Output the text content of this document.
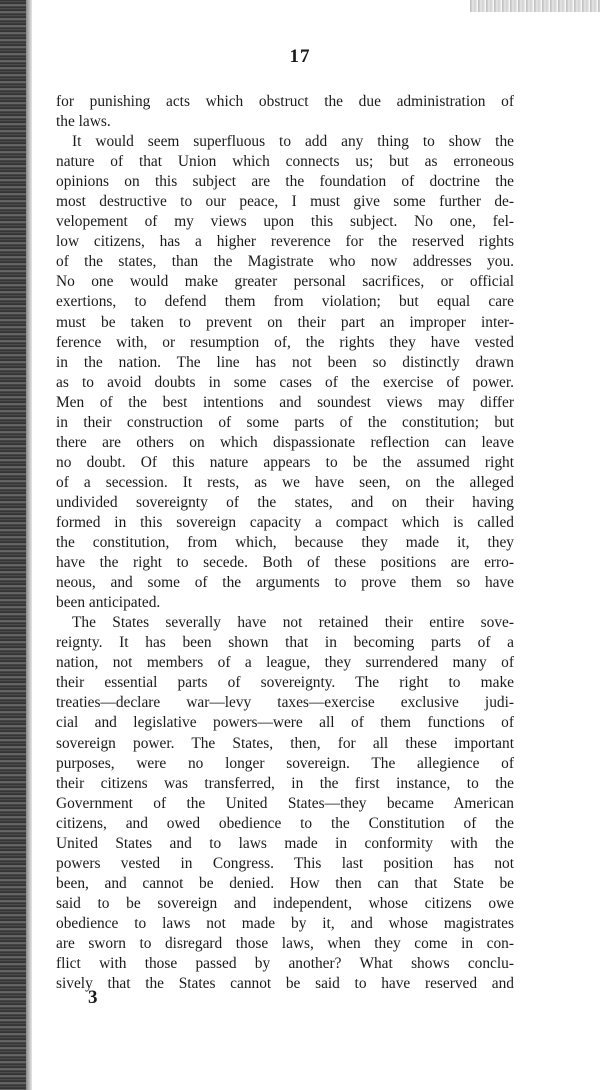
17
for punishing acts which obstruct the due administration of
the laws.
It would seem superfluous to add any thing to show the
nature of that Union which connects us; but as erroneous
opinions on this subject are the foundation of doctrine the
most destructive to our peace, I must give some further de-
velopement of my views upon this subject. No one, fel-
low citizens, has a higher reverence for the reserved rights
of the states, than the Magistrate who now addresses you.
No one would make greater personal sacrifices, or official
exertions, to defend them from violation; but equal care
must be taken to prevent on their part an improper inter-
ference with, or resumption of, the rights they have vested
in the nation. The line has not been so distinctly drawn
as to avoid doubts in some cases of the exercise of power.
Men of the best intentions and soundest views may differ
in their construction of some parts of the constitution; but
there are others on which dispassionate reflection can leave
no doubt. Of this nature appears to be the assumed right
of a secession. It rests, as we have seen, on the alleged
undivided sovereignty of the states, and on their having
formed in this sovereign capacity a compact which is called
the constitution, from which, because they made it, they
have the right to secede. Both of these positions are erro-
neous, and some of the arguments to prove them so have
been anticipated.
The States severally have not retained their entire sove-
reignty. It has been shown that in becoming parts of a
nation, not members of a league, they surrendered many of
their essential parts of sovereignty. The right to make
treaties—declare war—levy taxes—exercise exclusive judi-
cial and legislative powers—were all of them functions of
sovereign power. The States, then, for all these important
purposes, were no longer sovereign. The allegience of
their citizens was transferred, in the first instance, to the
Government of the United States—they became American
citizens, and owed obedience to the Constitution of the
United States and to laws made in conformity with the
powers vested in Congress. This last position has not
been, and cannot be denied. How then can that State be
said to be sovereign and independent, whose citizens owe
obedience to laws not made by it, and whose magistrates
are sworn to disregard those laws, when they come in con-
flict with those passed by another? What shows conclu-
sively that the States cannot be said to have reserved and
3
